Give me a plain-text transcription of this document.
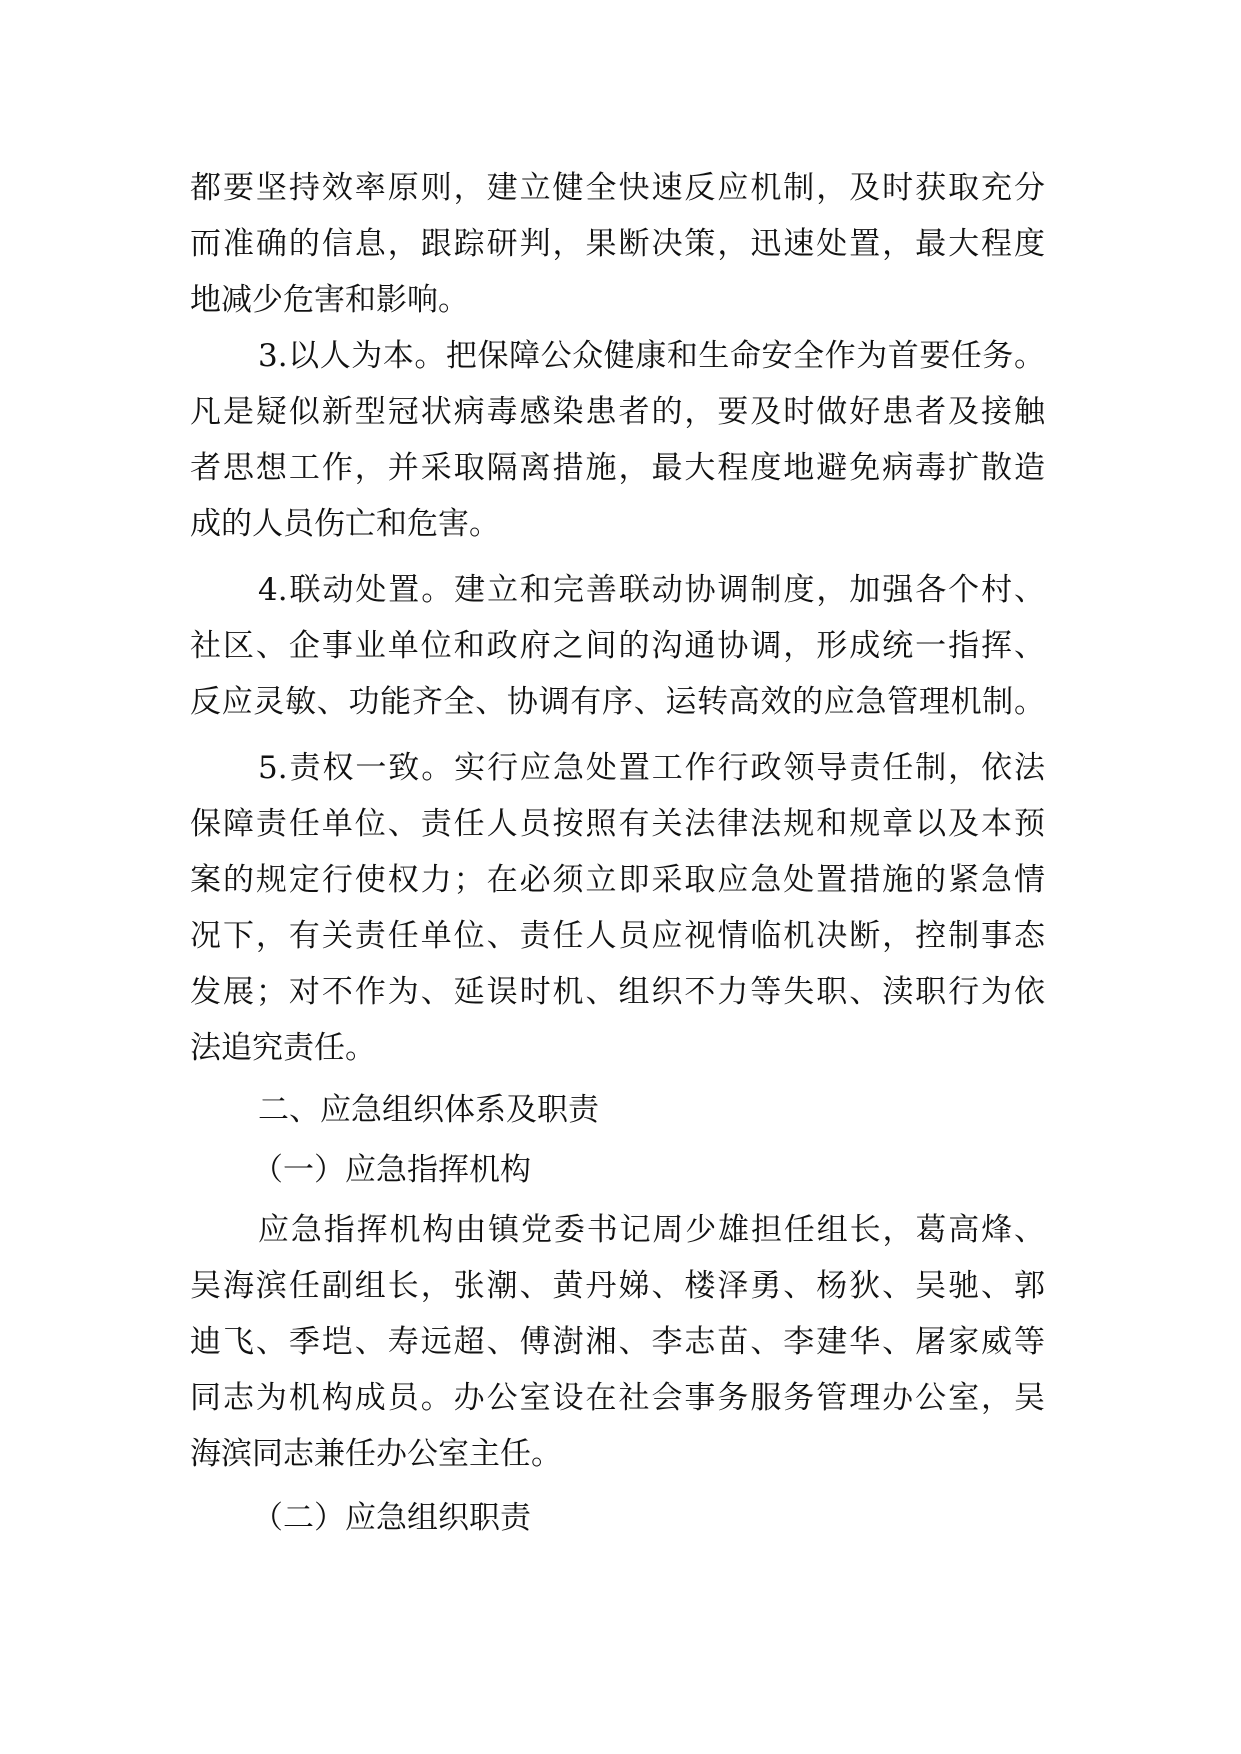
都要坚持效率原则，建立健全快速反应机制，及时获取充分
而准确的信息，跟踪研判，果断决策，迅速处置，最大程度
地减少危害和影响。
3.以人为本。把保障公众健康和生命安全作为首要任务。
凡是疑似新型冠状病毒感染患者的，要及时做好患者及接触
者思想工作，并采取隔离措施，最大程度地避免病毒扩散造
成的人员伤亡和危害。
4.联动处置。建立和完善联动协调制度，加强各个村、
社区、企事业单位和政府之间的沟通协调，形成统一指挥、
反应灵敏、功能齐全、协调有序、运转高效的应急管理机制。
5.责权一致。实行应急处置工作行政领导责任制，依法
保障责任单位、责任人员按照有关法律法规和规章以及本预
案的规定行使权力；在必须立即采取应急处置措施的紧急情
况下，有关责任单位、责任人员应视情临机决断，控制事态
发展；对不作为、延误时机、组织不力等失职、渎职行为依
法追究责任。
二、应急组织体系及职责
（一）应急指挥机构
应急指挥机构由镇党委书记周少雄担任组长，葛高烽、
吴海滨任副组长，张潮、黄丹娣、楼泽勇、杨狄、吴驰、郭
迪飞、季垲、寿远超、傅澍湘、李志苗、李建华、屠家威等
同志为机构成员。办公室设在社会事务服务管理办公室，吴
海滨同志兼任办公室主任。
（二）应急组织职责
